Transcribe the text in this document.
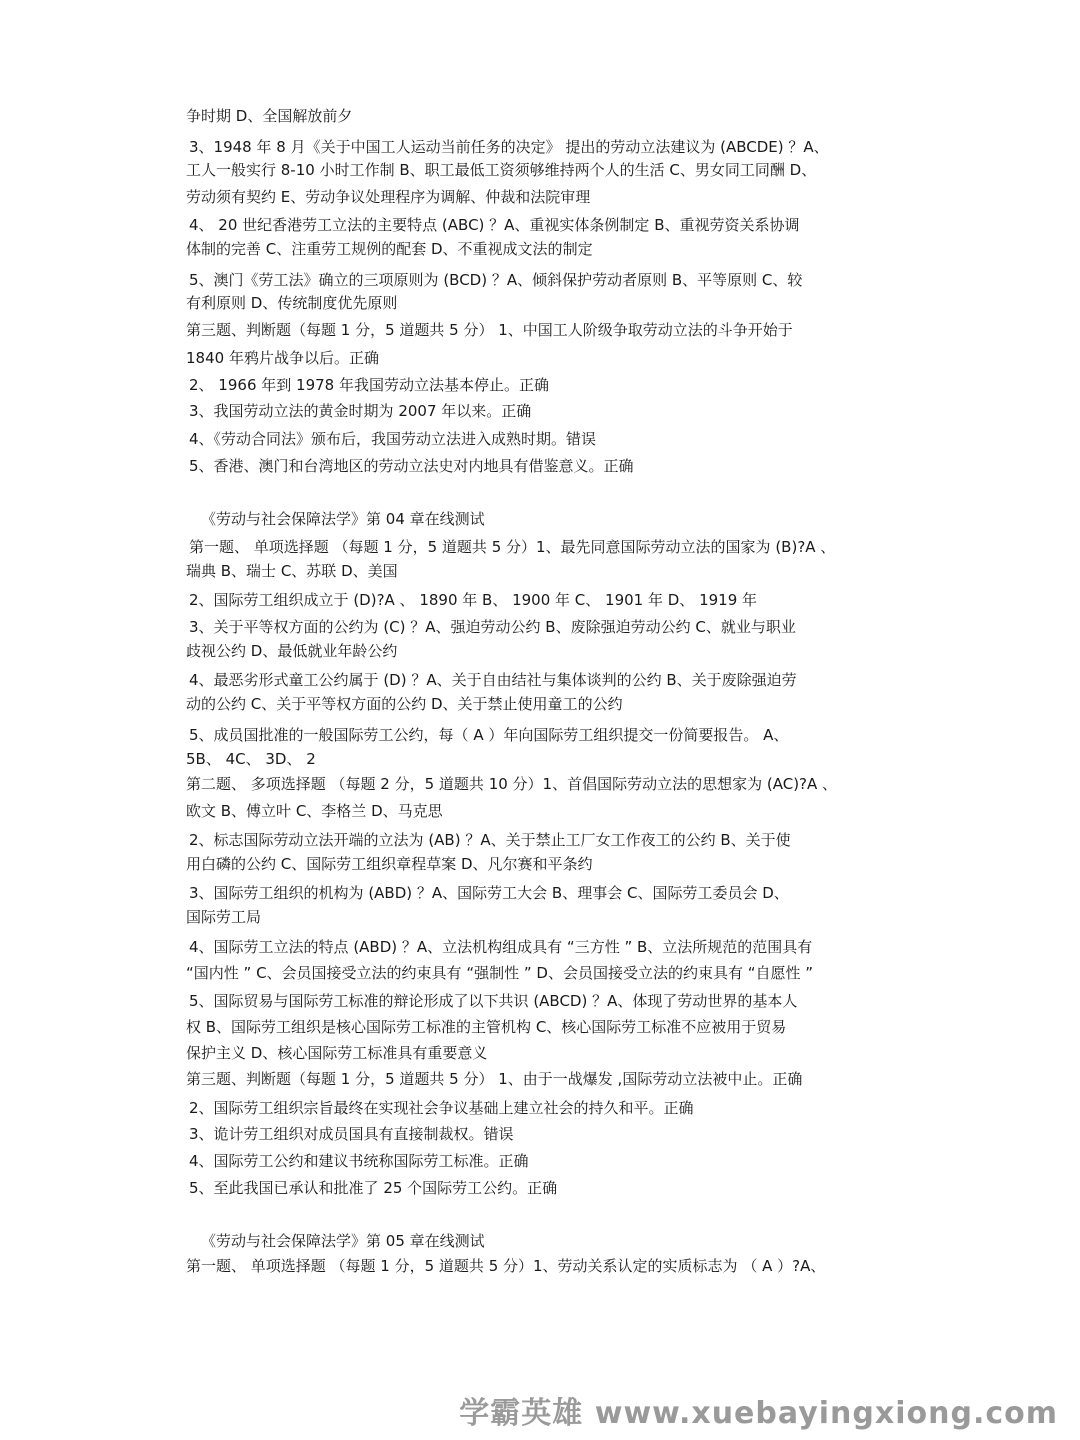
争时期 D、全国解放前夕
3、1948 年 8 月《关于中国工人运动当前任务的决定》 提出的劳动立法建议为 (ABCDE) ？A、
工人一般实行 8-10 小时工作制 B、职工最低工资须够维持两个人的生活 C、男女同工同酬 D、
劳动须有契约 E、劳动争议处理程序为调解、仲裁和法院审理
4、 20 世纪香港劳工立法的主要特点 (ABC) ？A、重视实体条例制定 B、重视劳资关系协调
体制的完善 C、注重劳工规例的配套 D、不重视成文法的制定
5、澳门《劳工法》确立的三项原则为 (BCD) ？A、倾斜保护劳动者原则 B、平等原则 C、较
有利原则 D、传统制度优先原则
第三题、判断题（每题 1 分，5 道题共 5 分） 1、中国工人阶级争取劳动立法的斗争开始于
1840 年鸦片战争以后。正确
2、 1966 年到 1978 年我国劳动立法基本停止。正确
3、我国劳动立法的黄金时期为 2007 年以来。正确
4、《劳动合同法》颁布后，我国劳动立法进入成熟时期。错误
5、香港、澳门和台湾地区的劳动立法史对内地具有借鉴意义。正确
《劳动与社会保障法学》第 04 章在线测试
第一题、 单项选择题 （每题 1 分，5 道题共 5 分）1、最先同意国际劳动立法的国家为 (B)?A 、
瑞典 B、瑞士 C、苏联 D、美国
2、国际劳工组织成立于 (D)?A 、 1890 年 B、 1900 年 C、 1901 年 D、 1919 年
3、关于平等权方面的公约为 (C) ？A、强迫劳动公约 B、废除强迫劳动公约 C、就业与职业
歧视公约 D、最低就业年龄公约
4、最恶劣形式童工公约属于 (D) ？A、关于自由结社与集体谈判的公约 B、关于废除强迫劳
动的公约 C、关于平等权方面的公约 D、关于禁止使用童工的公约
5、成员国批准的一般国际劳工公约，每（ A ）年向国际劳工组织提交一份简要报告。 A、
5B、 4C、 3D、 2
第二题、 多项选择题 （每题 2 分，5 道题共 10 分）1、首倡国际劳动立法的思想家为 (AC)?A 、
欧文 B、傅立叶 C、李格兰 D、马克思
2、标志国际劳动立法开端的立法为 (AB) ？A、关于禁止工厂女工作夜工的公约 B、关于使
用白磷的公约 C、国际劳工组织章程草案 D、凡尔赛和平条约
3、国际劳工组织的机构为 (ABD) ？A、国际劳工大会 B、理事会 C、国际劳工委员会 D、
国际劳工局
4、国际劳工立法的特点 (ABD) ？A、立法机构组成具有 “三方性 ” B、立法所规范的范围具有
“国内性 ” C、会员国接受立法的约束具有 “强制性 ” D、会员国接受立法的约束具有 “自愿性 ”
5、国际贸易与国际劳工标准的辩论形成了以下共识 (ABCD) ？A、体现了劳动世界的基本人
权 B、国际劳工组织是核心国际劳工标准的主管机构 C、核心国际劳工标准不应被用于贸易
保护主义 D、核心国际劳工标准具有重要意义
第三题、判断题（每题 1 分，5 道题共 5 分） 1、由于一战爆发 ,国际劳动立法被中止。正确
2、国际劳工组织宗旨最终在实现社会争议基础上建立社会的持久和平。正确
3、诡计劳工组织对成员国具有直接制裁权。错误
4、国际劳工公约和建议书统称国际劳工标准。正确
5、至此我国已承认和批准了 25 个国际劳工公约。正确
《劳动与社会保障法学》第 05 章在线测试
第一题、 单项选择题 （每题 1 分，5 道题共 5 分）1、劳动关系认定的实质标志为 （ A ）?A、
学霸英雄 www.xuebayingxiong.com
